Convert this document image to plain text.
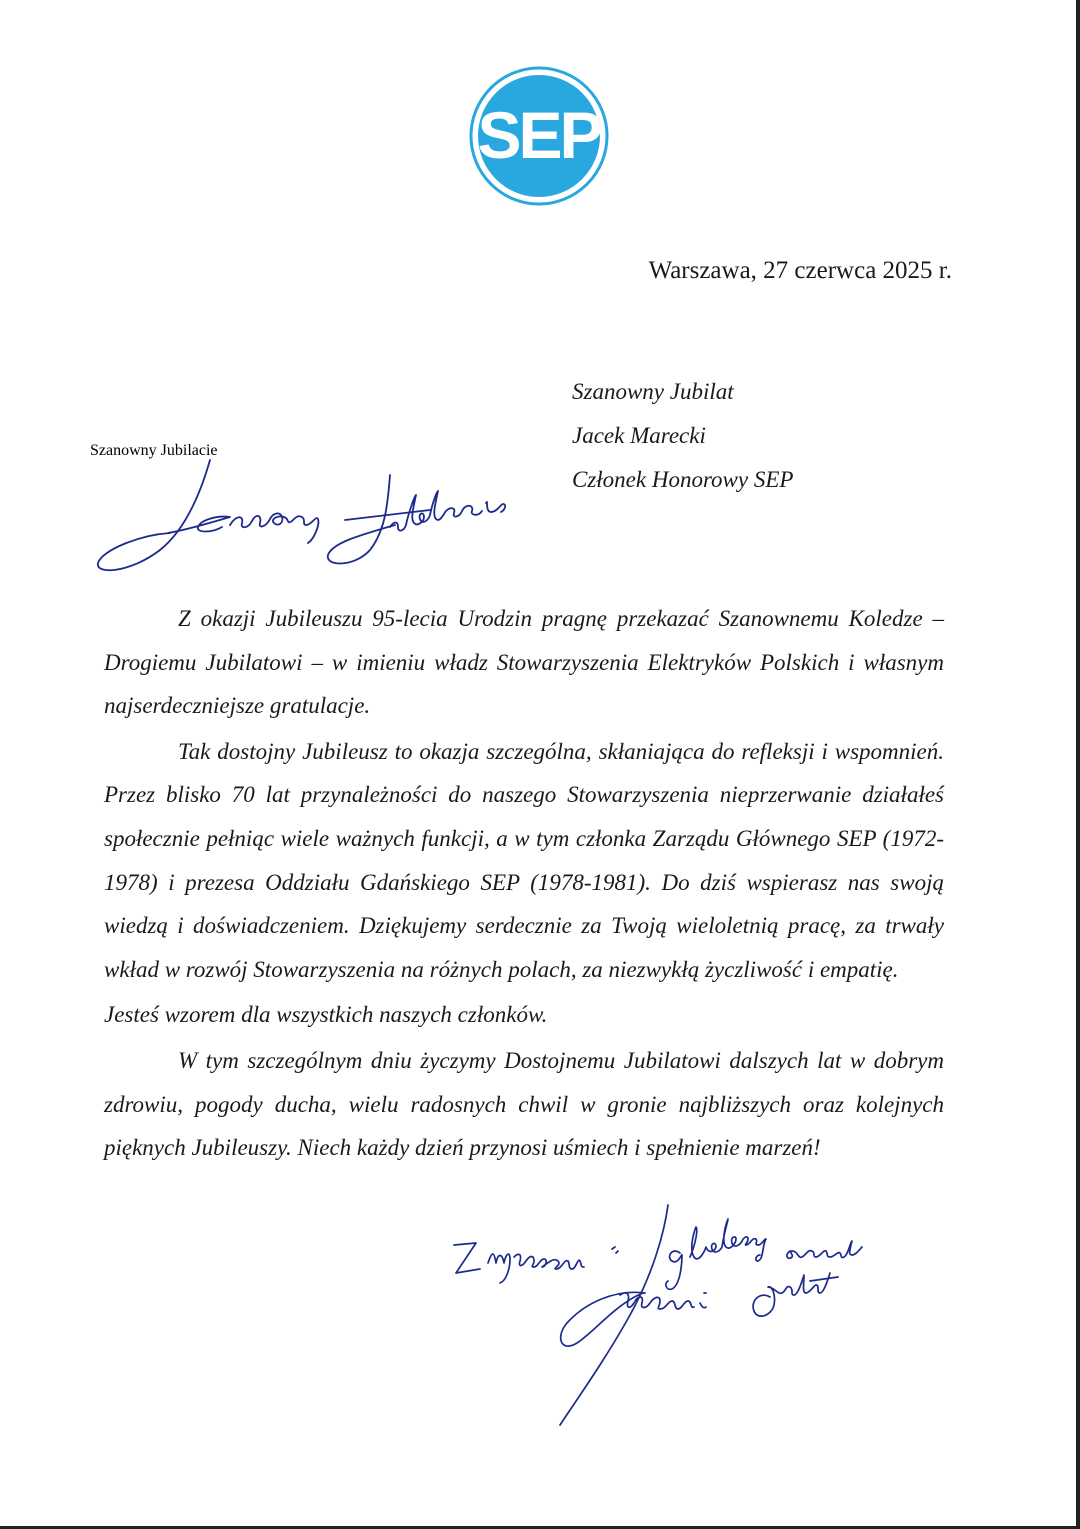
SEP
Warszawa, 27 czerwca 2025 r.
Szanowny Jubilat
Jacek Marecki
Członek Honorowy SEP
Szanowny Jubilacie

Z okazji Jubileuszu 95-lecia Urodzin pragnę przekazać Szanownemu Koledze – Drogiemu Jubilatowi – w imieniu władz Stowarzyszenia Elektryków Polskich i własnym najserdeczniejsze gratulacje.

Tak dostojny Jubileusz to okazja szczególna, skłaniająca do refleksji i wspomnień. Przez blisko 70 lat przynależności do naszego Stowarzyszenia nieprzerwanie działałeś społecznie pełniąc wiele ważnych funkcji, a w tym członka Zarządu Głównego SEP (1972-1978) i prezesa Oddziału Gdańskiego SEP (1978-1981). Do dziś wspierasz nas swoją wiedzą i doświadczeniem. Dziękujemy serdecznie za Twoją wieloletnią pracę, za trwały wkład w rozwój Stowarzyszenia na różnych polach, za niezwykłą życzliwość i empatię.

Jesteś wzorem dla wszystkich naszych członków.

W tym szczególnym dniu życzymy Dostojnemu Jubilatowi dalszych lat w dobrym zdrowiu, pogody ducha, wielu radosnych chwil w gronie najbliższych oraz kolejnych pięknych Jubileuszy. Niech każdy dzień przynosi uśmiech i spełnienie marzeń!
